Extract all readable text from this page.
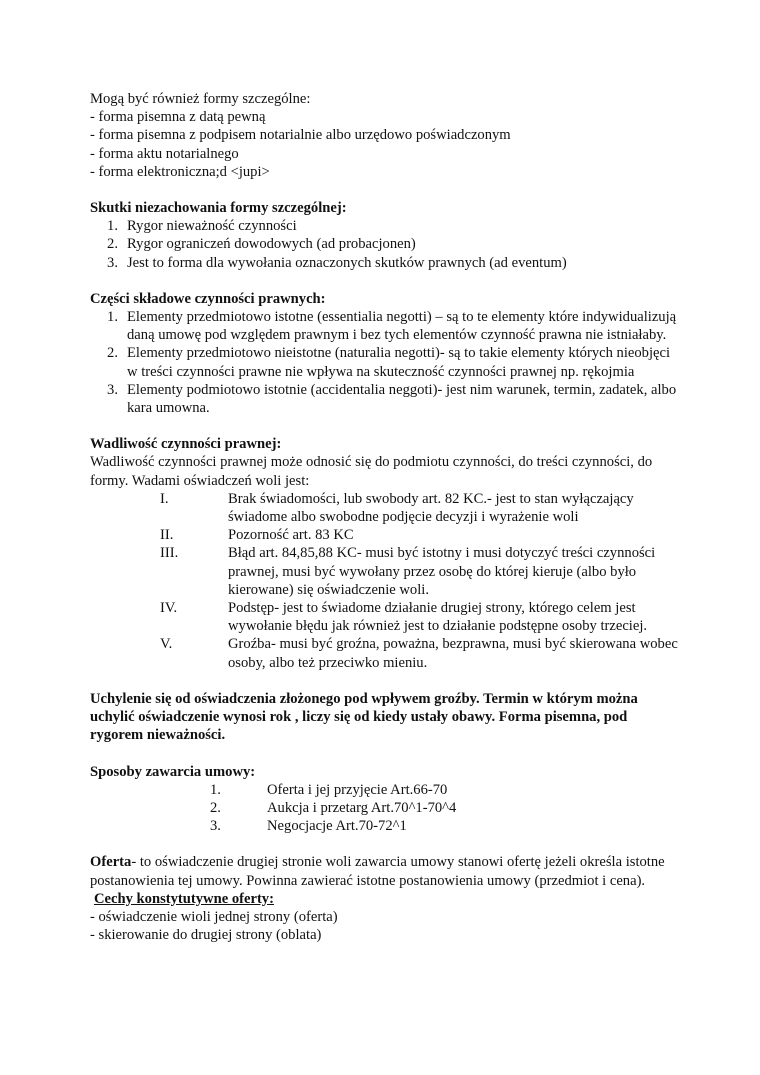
Mogą być również formy szczególne:

- forma pisemna z datą pewną

- forma pisemna z podpisem notarialnie albo urzędowo poświadczonym

- forma aktu notarialnego

- forma elektroniczna;d <jupi>

Skutki niezachowania formy szczególnej:

1. Rygor nieważność czynności
2. Rygor ograniczeń dowodowych (ad probacjonen)
3. Jest to forma dla wywołania oznaczonych skutków prawnych (ad eventum)

Części składowe czynności prawnych:

1. Elementy przedmiotowo istotne (essentialia negotti) – są to te elementy które indywidualizują daną umowę pod względem prawnym i bez tych elementów czynność prawna nie istniałaby.
2. Elementy przedmiotowo nieistotne (naturalia negotti)- są to takie elementy których nieobjęci w treści czynności prawne nie wpływa na skuteczność czynności prawnej np. rękojmia
3. Elementy podmiotowo istotnie (accidentalia neggoti)- jest nim warunek, termin, zadatek, albo kara umowna.

Wadliwość czynności prawnej:

Wadliwość czynności prawnej może odnosić się do podmiotu czynności, do treści czynności, do formy. Wadami oświadczeń woli jest:

I.	Brak świadomości, lub swobody art. 82 KC.- jest to stan wyłączający świadome albo swobodne podjęcie decyzji i wyrażenie woli
II.	Pozorność art. 83 KC
III.	Błąd art. 84,85,88 KC- musi być istotny i musi dotyczyć treści czynności prawnej, musi być wywołany przez osobę do której kieruje (albo było kierowane) się oświadczenie woli.
IV.	Podstęp- jest to świadome działanie drugiej strony, którego celem jest wywołanie błędu jak również jest to działanie podstępne osoby trzeciej.
V.	Groźba- musi być groźna, poważna, bezprawna, musi być skierowana wobec osoby, albo też przeciwko mieniu.

Uchylenie się od oświadczenia złożonego pod wpływem groźby. Termin w którym można uchylić oświadczenie wynosi rok , liczy się od kiedy ustały obawy. Forma pisemna, pod rygorem nieważności.

Sposoby zawarcia umowy:

1.	Oferta i jej przyjęcie Art.66-70
2.	Aukcja i przetarg Art.70^1-70^4
3.	Negocjacje Art.70-72^1

Oferta- to oświadczenie drugiej stronie woli zawarcia umowy stanowi ofertę jeżeli określa istotne postanowienia tej umowy. Powinna zawierać istotne postanowienia umowy (przedmiot i cena).

Cechy konstytutywne oferty:

- oświadczenie wioli jednej strony (oferta)

- skierowanie do drugiej strony (oblata)
